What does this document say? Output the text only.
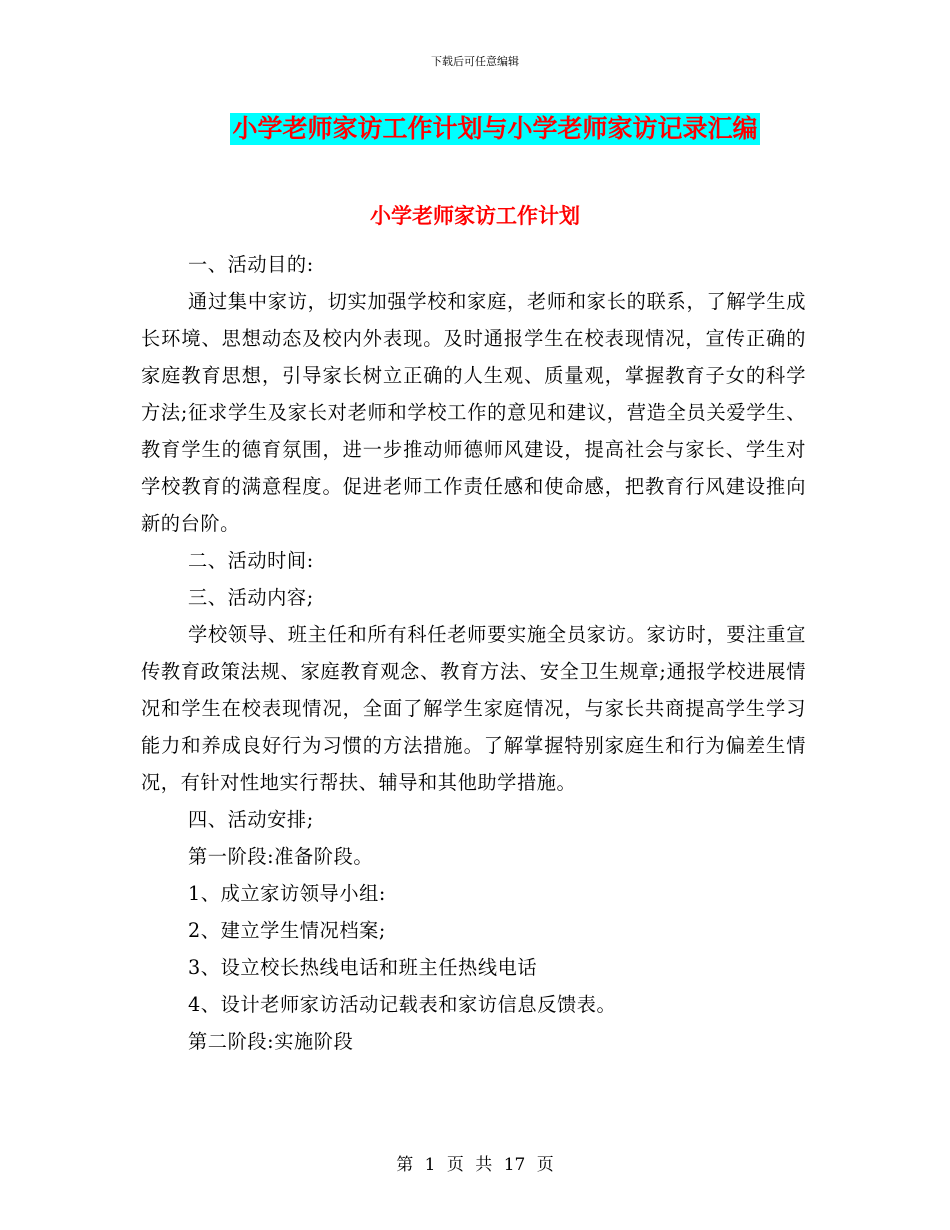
下载后可任意编辑
小学老师家访工作计划与小学老师家访记录汇编
小学老师家访工作计划

一、活动目的:

通过集中家访，切实加强学校和家庭，老师和家长的联系，了解学生成长环境、思想动态及校内外表现。及时通报学生在校表现情况，宣传正确的家庭教育思想，引导家长树立正确的人生观、质量观，掌握教育子女的科学方法;征求学生及家长对老师和学校工作的意见和建议，营造全员关爱学生、教育学生的德育氛围，进一步推动师德师风建设，提高社会与家长、学生对学校教育的满意程度。促进老师工作责任感和使命感，把教育行风建设推向新的台阶。

二、活动时间:

三、活动内容;

学校领导、班主任和所有科任老师要实施全员家访。家访时，要注重宣传教育政策法规、家庭教育观念、教育方法、安全卫生规章;通报学校进展情况和学生在校表现情况，全面了解学生家庭情况，与家长共商提高学生学习能力和养成良好行为习惯的方法措施。了解掌握特别家庭生和行为偏差生情况，有针对性地实行帮扶、辅导和其他助学措施。

四、活动安排;

第一阶段:准备阶段。

1、成立家访领导小组:

2、建立学生情况档案;

3、设立校长热线电话和班主任热线电话

4、设计老师家访活动记载表和家访信息反馈表。

第二阶段:实施阶段

第 1 页 共 17 页
